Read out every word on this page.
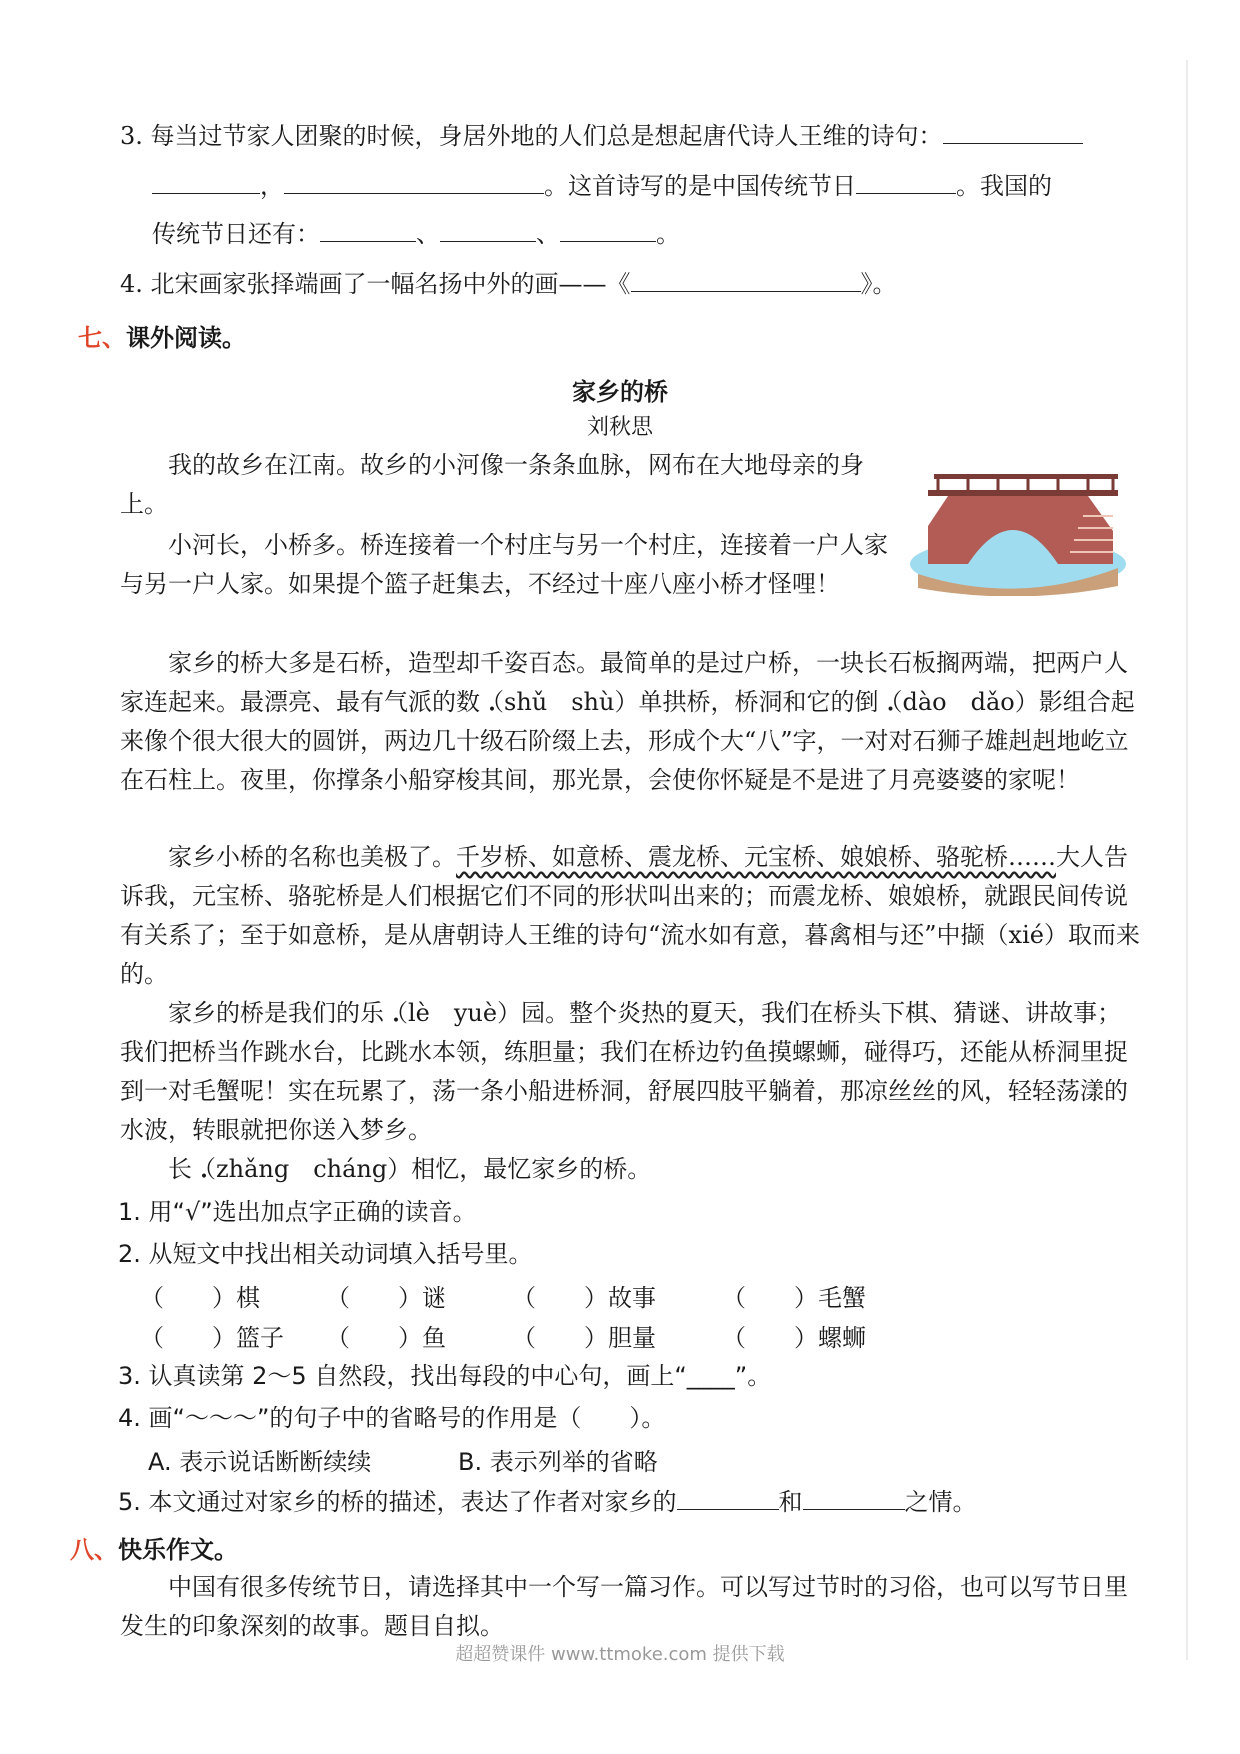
3. 每当过节家人团聚的时候，身居外地的人们总是想起唐代诗人王维的诗句：
，	。这首诗写的是中国传统节日	。我国的
传统节日还有：	、	、	。
4. 北宋画家张择端画了一幅名扬中外的画——《	》。
七、课外阅读。
家乡的桥
刘秋思
我的故乡在江南。故乡的小河像一条条血脉，网布在大地母亲的身上。
小河长，小桥多。桥连接着一个村庄与另一个村庄，连接着一户人家与另一户人家。如果提个篮子赶集去，不经过十座八座小桥才怪哩！
家乡的桥大多是石桥，造型却千姿百态。最简单的是过户桥，一块长石板搁两端，把两户人家连起来。最漂亮、最有气派的数（shǔ　shù）单拱桥，桥洞和它的倒（dào　dǎo）影组合起来像个很大很大的圆饼，两边几十级石阶缀上去，形成个大“八”字，一对对石狮子雄赳赳地屹立在石柱上。夜里，你撑条小船穿梭其间，那光景，会使你怀疑是不是进了月亮婆婆的家呢！
家乡小桥的名称也美极了。千岁桥、如意桥、震龙桥、元宝桥、娘娘桥、骆驼桥……大人告诉我，元宝桥、骆驼桥是人们根据它们不同的形状叫出来的；而震龙桥、娘娘桥，就跟民间传说有关系了；至于如意桥，是从唐朝诗人王维的诗句“流水如有意，暮禽相与还”中撷（xié）取而来的。
家乡的桥是我们的乐（lè　yuè）园。整个炎热的夏天，我们在桥头下棋、猜谜、讲故事；我们把桥当作跳水台，比跳水本领，练胆量；我们在桥边钓鱼摸螺蛳，碰得巧，还能从桥洞里捉到一对毛蟹呢！实在玩累了，荡一条小船进桥洞，舒展四肢平躺着，那凉丝丝的风，轻轻荡漾的水波，转眼就把你送入梦乡。
长（zhǎng　cháng）相忆，最忆家乡的桥。
1. 用“√”选出加点字正确的读音。
2. 从短文中找出相关动词填入括号里。
（　　）棋	（　　）谜	（　　）故事	（　　）毛蟹
（　　）篮子	（　　）鱼	（　　）胆量	（　　）螺蛳
3. 认真读第 2～5 自然段，找出每段的中心句，画上“____”。
4. 画“～～～”的句子中的省略号的作用是（　　）。
A. 表示说话断断续续	B. 表示列举的省略
5. 本文通过对家乡的桥的描述，表达了作者对家乡的	和	之情。
八、快乐作文。
中国有很多传统节日，请选择其中一个写一篇习作。可以写过节时的习俗，也可以写节日里发生的印象深刻的故事。题目自拟。
超超赞课件 www.ttmoke.com 提供下载
